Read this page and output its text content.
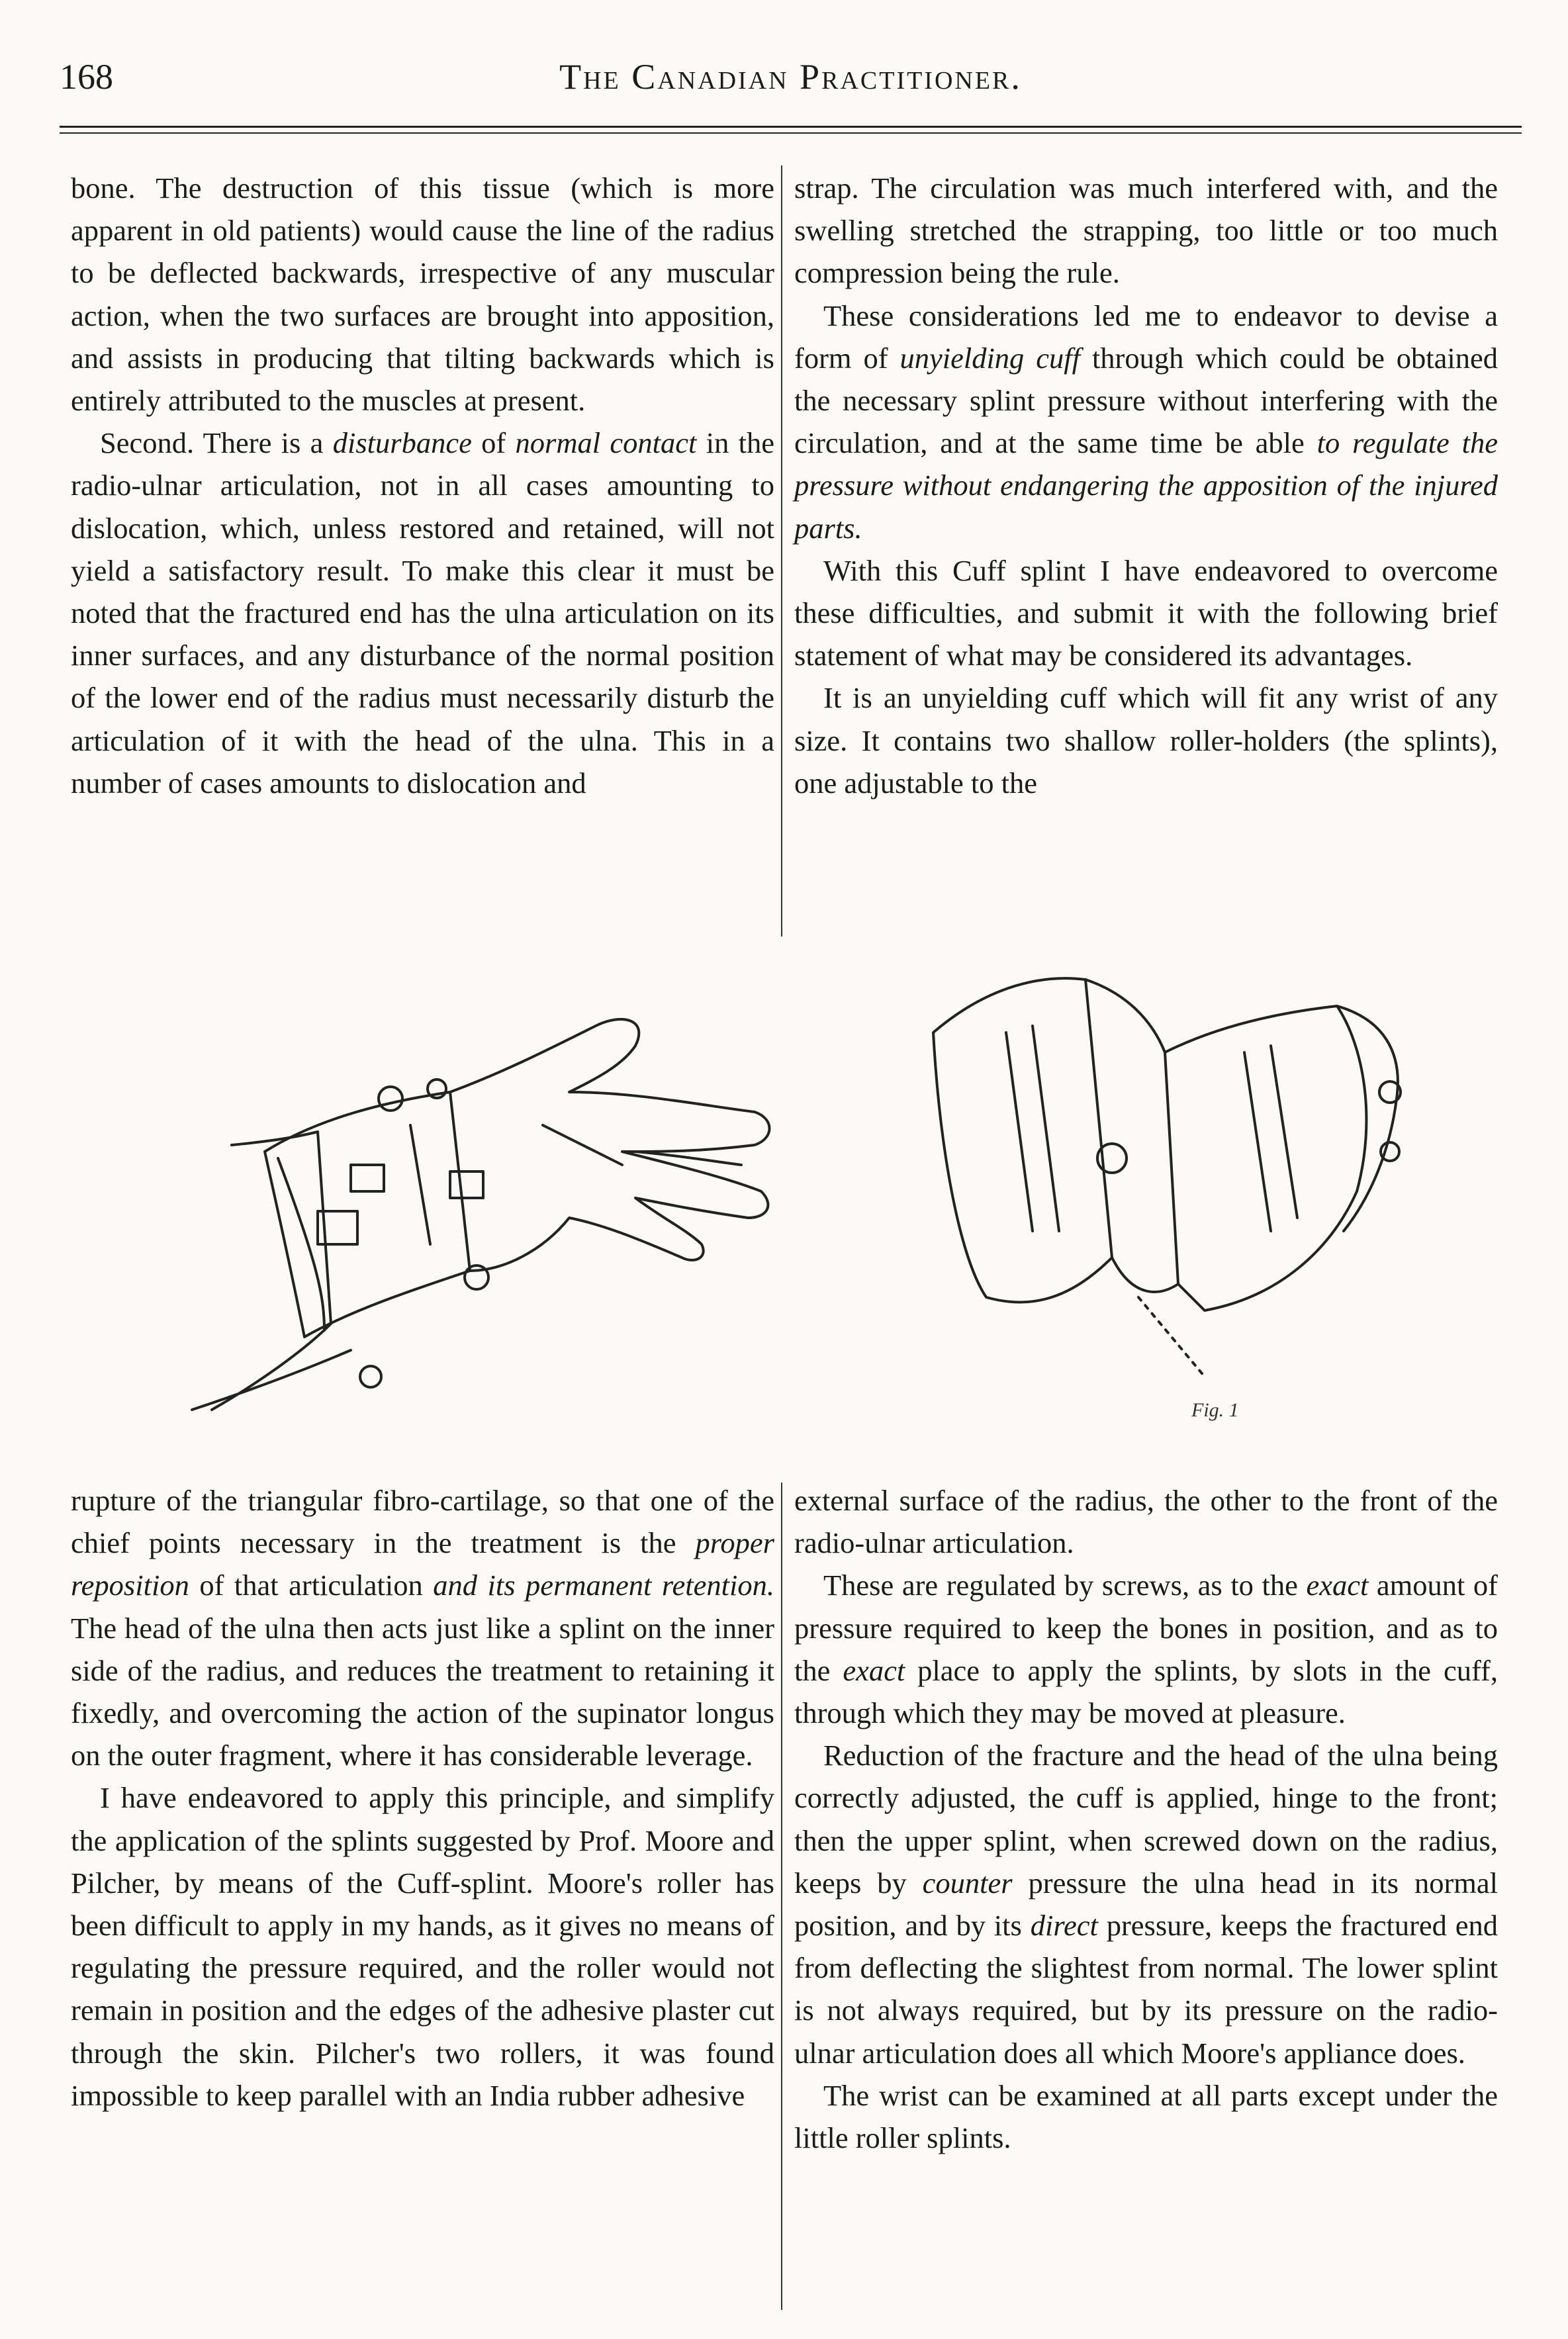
168	The Canadian Practitioner.

bone. The destruction of this tissue (which is more apparent in old patients) would cause the line of the radius to be deflected backwards, irrespective of any muscular action, when the two surfaces are brought into apposition, and assists in producing that tilting backwards which is entirely attributed to the muscles at present.

Second. There is a disturbance of normal contact in the radio-ulnar articulation, not in all cases amounting to dislocation, which, unless restored and retained, will not yield a satisfactory result. To make this clear it must be noted that the fractured end has the ulna articulation on its inner surfaces, and any disturbance of the normal position of the lower end of the radius must necessarily disturb the articulation of it with the head of the ulna. This in a number of cases amounts to dislocation and

strap. The circulation was much interfered with, and the swelling stretched the strapping, too little or too much compression being the rule.

These considerations led me to endeavor to devise a form of unyielding cuff through which could be obtained the necessary splint pressure without interfering with the circulation, and at the same time be able to regulate the pressure without endangering the apposition of the injured parts.

With this Cuff splint I have endeavored to overcome these difficulties, and submit it with the following brief statement of what may be considered its advantages.

It is an unyielding cuff which will fit any wrist of any size. It contains two shallow roller-holders (the splints), one adjustable to the

Fig. 1

rupture of the triangular fibro-cartilage, so that one of the chief points necessary in the treatment is the proper reposition of that articulation and its permanent retention. The head of the ulna then acts just like a splint on the inner side of the radius, and reduces the treatment to retaining it fixedly, and overcoming the action of the supinator longus on the outer fragment, where it has considerable leverage.

I have endeavored to apply this principle, and simplify the application of the splints suggested by Prof. Moore and Pilcher, by means of the Cuff-splint. Moore's roller has been difficult to apply in my hands, as it gives no means of regulating the pressure required, and the roller would not remain in position and the edges of the adhesive plaster cut through the skin. Pilcher's two rollers, it was found impossible to keep parallel with an India rubber adhesive

external surface of the radius, the other to the front of the radio-ulnar articulation.

These are regulated by screws, as to the exact amount of pressure required to keep the bones in position, and as to the exact place to apply the splints, by slots in the cuff, through which they may be moved at pleasure.

Reduction of the fracture and the head of the ulna being correctly adjusted, the cuff is applied, hinge to the front; then the upper splint, when screwed down on the radius, keeps by counter pressure the ulna head in its normal position, and by its direct pressure, keeps the fractured end from deflecting the slightest from normal. The lower splint is not always required, but by its pressure on the radio-ulnar articulation does all which Moore's appliance does.

The wrist can be examined at all parts except under the little roller splints.
